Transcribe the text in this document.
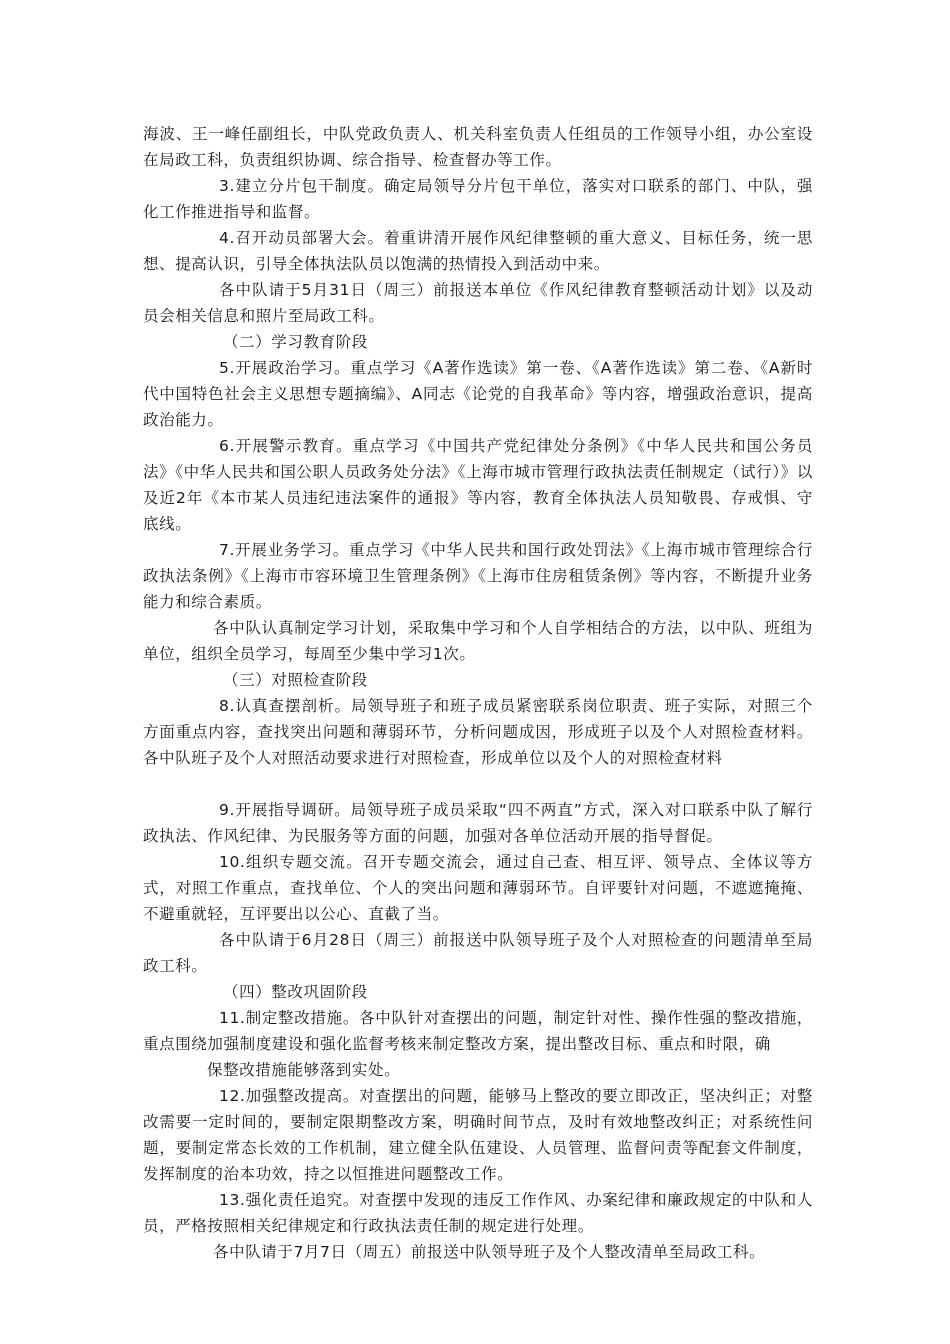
海波、王一峰任副组长，中队党政负责人、机关科室负责人任组员的工作领导小组，办公室设在局政工科，负责组织协调、综合指导、检查督办等工作。

3.建立分片包干制度。确定局领导分片包干单位，落实对口联系的部门、中队，强化工作推进指导和监督。

4.召开动员部署大会。着重讲清开展作风纪律整顿的重大意义、目标任务，统一思想、提高认识，引导全体执法队员以饱满的热情投入到活动中来。

各中队请于5月31日（周三）前报送本单位《作风纪律教育整顿活动计划》以及动员会相关信息和照片至局政工科。

（二）学习教育阶段

5.开展政治学习。重点学习《A著作选读》第一卷、《A著作选读》第二卷、《A新时代中国特色社会主义思想专题摘编》、A同志《论党的自我革命》等内容，增强政治意识，提高政治能力。

6.开展警示教育。重点学习《中国共产党纪律处分条例》《中华人民共和国公务员法》《中华人民共和国公职人员政务处分法》《上海市城市管理行政执法责任制规定（试行）》以及近2年《本市某人员违纪违法案件的通报》等内容，教育全体执法人员知敬畏、存戒惧、守底线。

7.开展业务学习。重点学习《中华人民共和国行政处罚法》《上海市城市管理综合行政执法条例》《上海市市容环境卫生管理条例》《上海市住房租赁条例》等内容，不断提升业务能力和综合素质。

各中队认真制定学习计划，采取集中学习和个人自学相结合的方法，以中队、班组为单位，组织全员学习，每周至少集中学习1次。

（三）对照检查阶段

8.认真查摆剖析。局领导班子和班子成员紧密联系岗位职责、班子实际，对照三个方面重点内容，查找突出问题和薄弱环节，分析问题成因，形成班子以及个人对照检查材料。各中队班子及个人对照活动要求进行对照检查，形成单位以及个人的对照检查材料

9.开展指导调研。局领导班子成员采取“四不两直”方式，深入对口联系中队了解行政执法、作风纪律、为民服务等方面的问题，加强对各单位活动开展的指导督促。

10.组织专题交流。召开专题交流会，通过自己查、相互评、领导点、全体议等方式，对照工作重点，查找单位、个人的突出问题和薄弱环节。自评要针对问题，不遮遮掩掩、不避重就轻，互评要出以公心、直截了当。

各中队请于6月28日（周三）前报送中队领导班子及个人对照检查的问题清单至局政工科。

（四）整改巩固阶段

11.制定整改措施。各中队针对查摆出的问题，制定针对性、操作性强的整改措施，重点围绕加强制度建设和强化监督考核来制定整改方案，提出整改目标、重点和时限，确

保整改措施能够落到实处。

12.加强整改提高。对查摆出的问题，能够马上整改的要立即改正，坚决纠正；对整改需要一定时间的，要制定限期整改方案，明确时间节点，及时有效地整改纠正；对系统性问题，要制定常态长效的工作机制，建立健全队伍建设、人员管理、监督问责等配套文件制度，发挥制度的治本功效，持之以恒推进问题整改工作。

13.强化责任追究。对查摆中发现的违反工作作风、办案纪律和廉政规定的中队和人员，严格按照相关纪律规定和行政执法责任制的规定进行处理。

各中队请于7月7日（周五）前报送中队领导班子及个人整改清单至局政工科。
